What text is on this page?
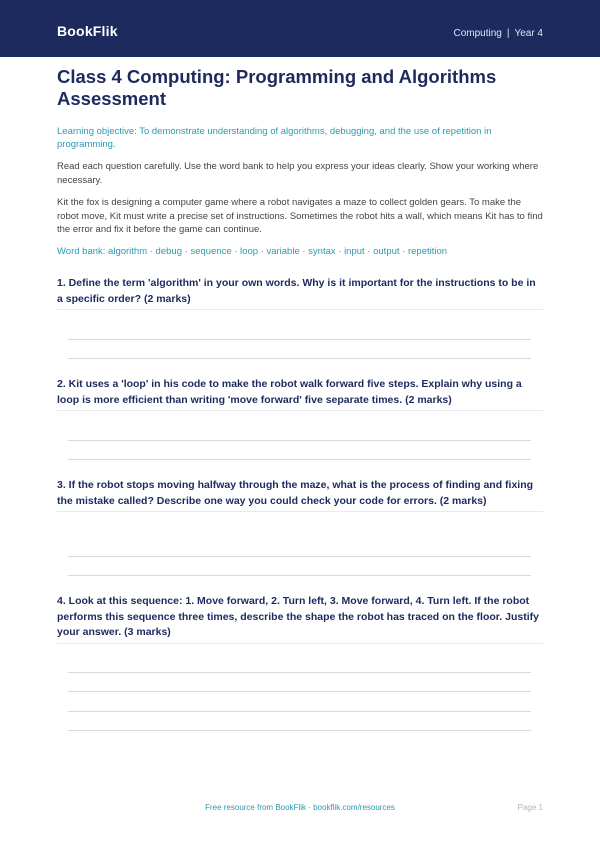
BookFlik	Computing | Year 4
Class 4 Computing: Programming and Algorithms Assessment
Learning objective: To demonstrate understanding of algorithms, debugging, and the use of repetition in programming.

Read each question carefully. Use the word bank to help you express your ideas clearly. Show your working where necessary.

Kit the fox is designing a computer game where a robot navigates a maze to collect golden gears. To make the robot move, Kit must write a precise set of instructions. Sometimes the robot hits a wall, which means Kit has to find the error and fix it before the game can continue.

Word bank: algorithm · debug · sequence · loop · variable · syntax · input · output · repetition
1. Define the term 'algorithm' in your own words. Why is it important for the instructions to be in a specific order? (2 marks)
2. Kit uses a 'loop' in his code to make the robot walk forward five steps. Explain why using a loop is more efficient than writing 'move forward' five separate times. (2 marks)
3. If the robot stops moving halfway through the maze, what is the process of finding and fixing the mistake called? Describe one way you could check your code for errors. (2 marks)
4. Look at this sequence: 1. Move forward, 2. Turn left, 3. Move forward, 4. Turn left. If the robot performs this sequence three times, describe the shape the robot has traced on the floor. Justify your answer. (3 marks)
Free resource from BookFlik · bookflik.com/resources	Page 1
